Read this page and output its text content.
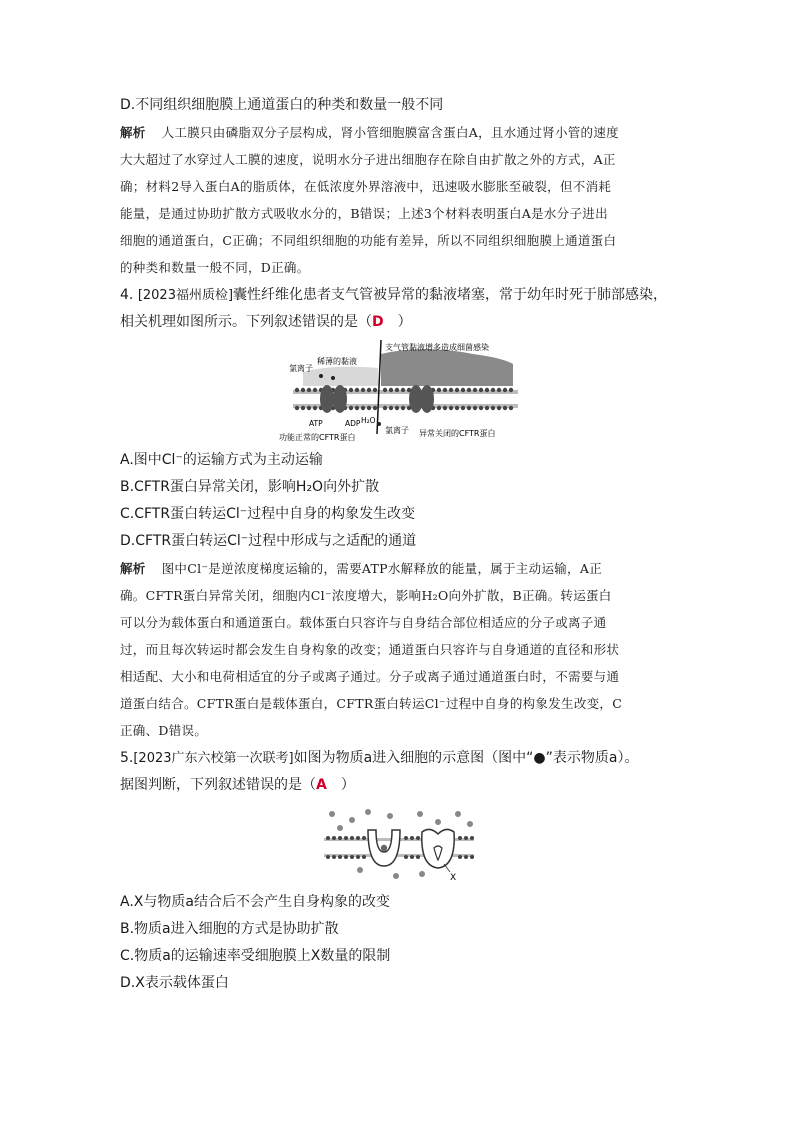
D.不同组织细胞膜上通道蛋白的种类和数量一般不同
解析 人工膜只由磷脂双分子层构成，肾小管细胞膜富含蛋白A，且水通过肾小管的速度
大大超过了水穿过人工膜的速度，说明水分子进出细胞存在除自由扩散之外的方式，A正
确；材料2导入蛋白A的脂质体，在低浓度外界溶液中，迅速吸水膨胀至破裂，但不消耗
能量，是通过协助扩散方式吸收水分的，B错误；上述3个材料表明蛋白A是水分子进出
细胞的通道蛋白，C正确；不同组织细胞的功能有差异，所以不同组织细胞膜上通道蛋白
的种类和数量一般不同，D正确。
4. [2023福州质检]囊性纤维化患者支气管被异常的黏液堵塞，常于幼年时死于肺部感染，
相关机理如图所示。下列叙述错误的是（D ）
氯离子
稀薄的黏液
支气管黏液增多造成细菌感染
ATP	ADP H₂O
氯离子 异常关闭的CFTR蛋白
功能正常的CFTR蛋白
A.图中Cl⁻的运输方式为主动运输
B.CFTR蛋白异常关闭，影响H₂O向外扩散
C.CFTR蛋白转运Cl⁻过程中自身的构象发生改变
D.CFTR蛋白转运Cl⁻过程中形成与之适配的通道
解析 图中Cl⁻是逆浓度梯度运输的，需要ATP水解释放的能量，属于主动运输，A正
确。CFTR蛋白异常关闭，细胞内Cl⁻浓度增大，影响H₂O向外扩散，B正确。转运蛋白
可以分为载体蛋白和通道蛋白。载体蛋白只容许与自身结合部位相适应的分子或离子通
过，而且每次转运时都会发生自身构象的改变；通道蛋白只容许与自身通道的直径和形状
相适配、大小和电荷相适宜的分子或离子通过。分子或离子通过通道蛋白时，不需要与通
道蛋白结合。CFTR蛋白是载体蛋白，CFTR蛋白转运Cl⁻过程中自身的构象发生改变，C
正确、D错误。
5.[2023广东六校第一次联考]如图为物质a进入细胞的示意图（图中“●”表示物质a）。
据图判断，下列叙述错误的是（A ）
X
A.X与物质a结合后不会产生自身构象的改变
B.物质a进入细胞的方式是协助扩散
C.物质a的运输速率受细胞膜上X数量的限制
D.X表示载体蛋白
